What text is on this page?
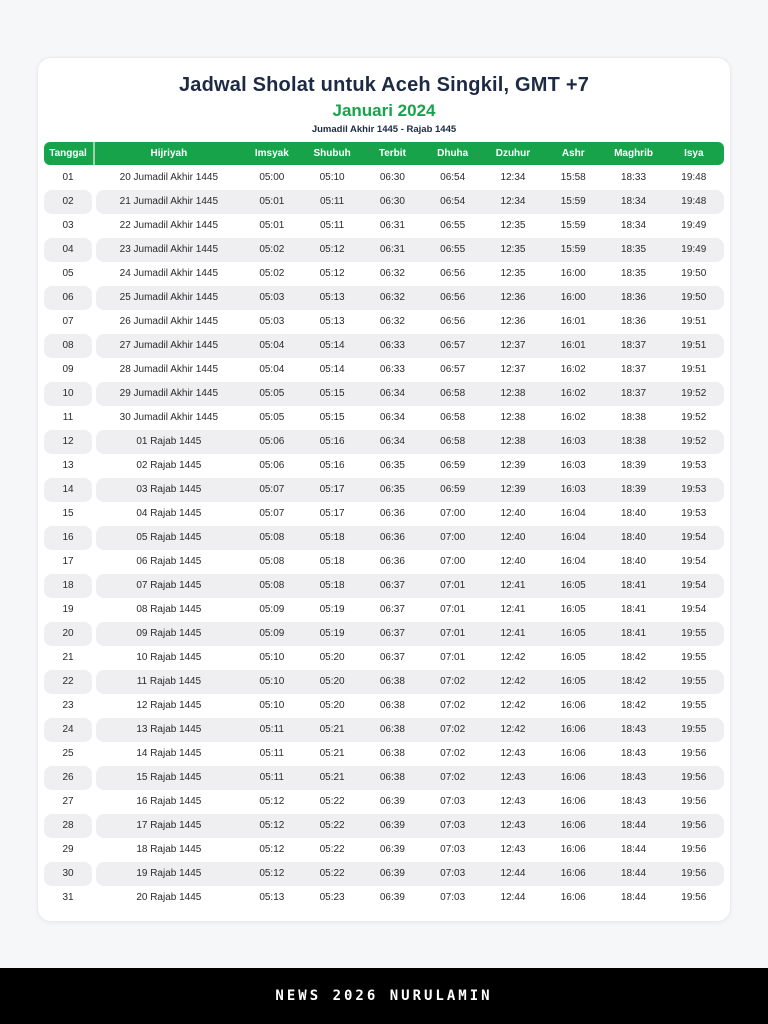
Jadwal Sholat untuk Aceh Singkil, GMT +7
Januari 2024
Jumadil Akhir 1445 - Rajab 1445
Tanggal	Hijriyah	Imsyak	Shubuh	Terbit	Dhuha	Dzuhur	Ashr	Maghrib	Isya
01	20 Jumadil Akhir 1445	05:00	05:10	06:30	06:54	12:34	15:58	18:33	19:48
02	21 Jumadil Akhir 1445	05:01	05:11	06:30	06:54	12:34	15:59	18:34	19:48
03	22 Jumadil Akhir 1445	05:01	05:11	06:31	06:55	12:35	15:59	18:34	19:49
04	23 Jumadil Akhir 1445	05:02	05:12	06:31	06:55	12:35	15:59	18:35	19:49
05	24 Jumadil Akhir 1445	05:02	05:12	06:32	06:56	12:35	16:00	18:35	19:50
06	25 Jumadil Akhir 1445	05:03	05:13	06:32	06:56	12:36	16:00	18:36	19:50
07	26 Jumadil Akhir 1445	05:03	05:13	06:32	06:56	12:36	16:01	18:36	19:51
08	27 Jumadil Akhir 1445	05:04	05:14	06:33	06:57	12:37	16:01	18:37	19:51
09	28 Jumadil Akhir 1445	05:04	05:14	06:33	06:57	12:37	16:02	18:37	19:51
10	29 Jumadil Akhir 1445	05:05	05:15	06:34	06:58	12:38	16:02	18:37	19:52
11	30 Jumadil Akhir 1445	05:05	05:15	06:34	06:58	12:38	16:02	18:38	19:52
12	01 Rajab 1445	05:06	05:16	06:34	06:58	12:38	16:03	18:38	19:52
13	02 Rajab 1445	05:06	05:16	06:35	06:59	12:39	16:03	18:39	19:53
14	03 Rajab 1445	05:07	05:17	06:35	06:59	12:39	16:03	18:39	19:53
15	04 Rajab 1445	05:07	05:17	06:36	07:00	12:40	16:04	18:40	19:53
16	05 Rajab 1445	05:08	05:18	06:36	07:00	12:40	16:04	18:40	19:54
17	06 Rajab 1445	05:08	05:18	06:36	07:00	12:40	16:04	18:40	19:54
18	07 Rajab 1445	05:08	05:18	06:37	07:01	12:41	16:05	18:41	19:54
19	08 Rajab 1445	05:09	05:19	06:37	07:01	12:41	16:05	18:41	19:54
20	09 Rajab 1445	05:09	05:19	06:37	07:01	12:41	16:05	18:41	19:55
21	10 Rajab 1445	05:10	05:20	06:37	07:01	12:42	16:05	18:42	19:55
22	11 Rajab 1445	05:10	05:20	06:38	07:02	12:42	16:05	18:42	19:55
23	12 Rajab 1445	05:10	05:20	06:38	07:02	12:42	16:06	18:42	19:55
24	13 Rajab 1445	05:11	05:21	06:38	07:02	12:42	16:06	18:43	19:55
25	14 Rajab 1445	05:11	05:21	06:38	07:02	12:43	16:06	18:43	19:56
26	15 Rajab 1445	05:11	05:21	06:38	07:02	12:43	16:06	18:43	19:56
27	16 Rajab 1445	05:12	05:22	06:39	07:03	12:43	16:06	18:43	19:56
28	17 Rajab 1445	05:12	05:22	06:39	07:03	12:43	16:06	18:44	19:56
29	18 Rajab 1445	05:12	05:22	06:39	07:03	12:43	16:06	18:44	19:56
30	19 Rajab 1445	05:12	05:22	06:39	07:03	12:44	16:06	18:44	19:56
31	20 Rajab 1445	05:13	05:23	06:39	07:03	12:44	16:06	18:44	19:56
NEWS 2026 NURULAMIN
